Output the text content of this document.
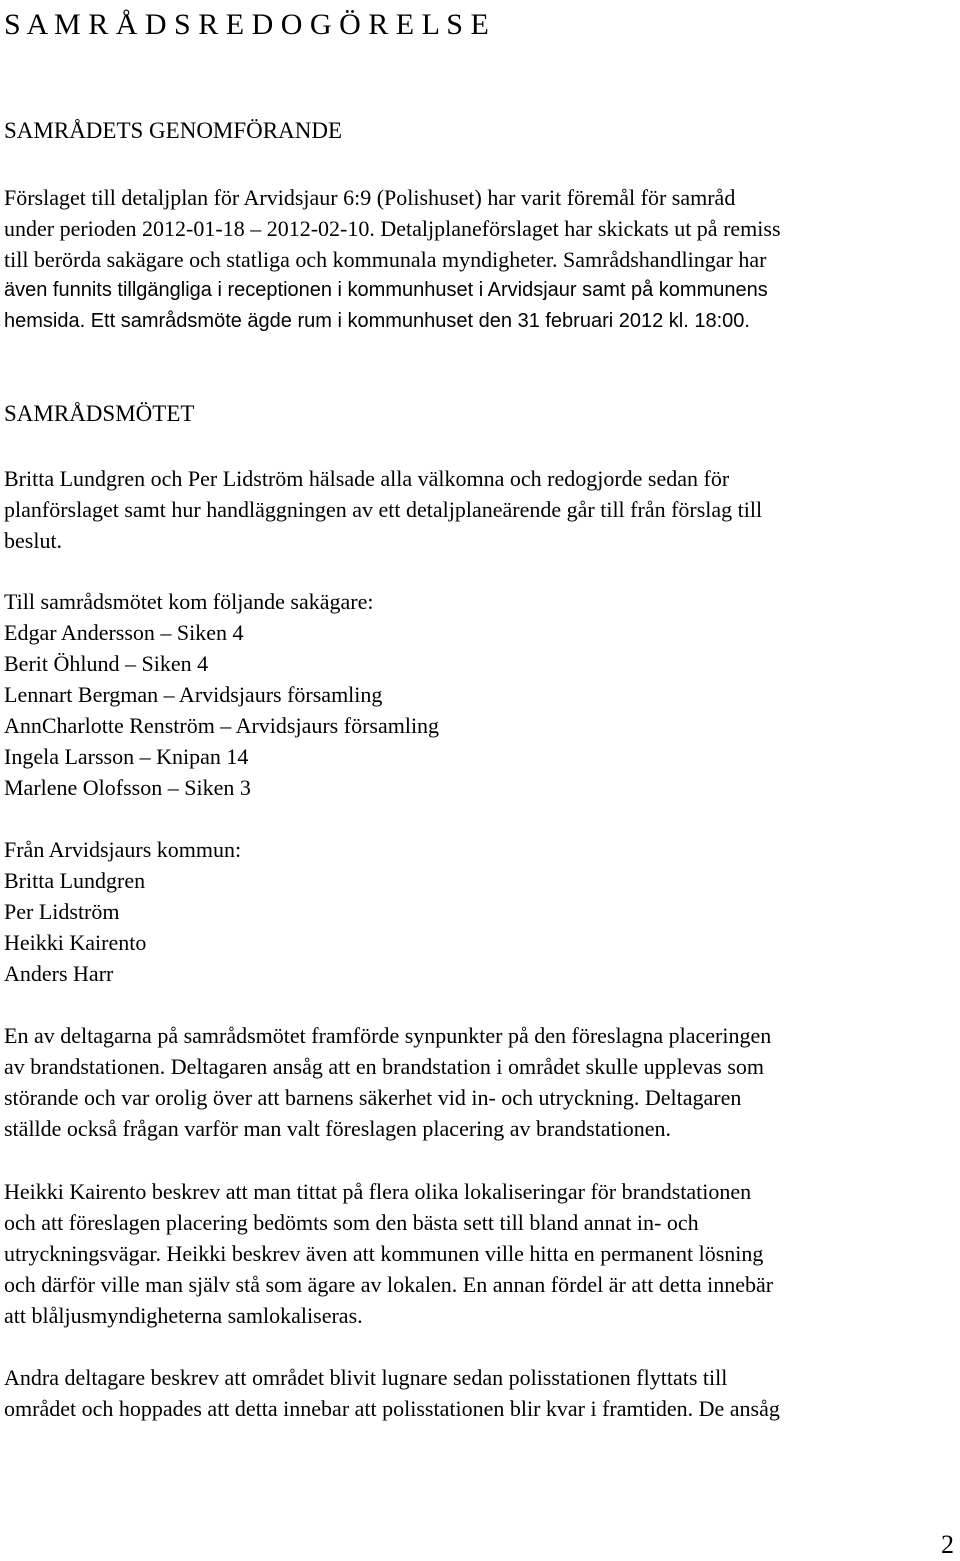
S A M R Å D S R E D O G Ö R E L S E
SAMRÅDETS GENOMFÖRANDE
Förslaget till detaljplan för Arvidsjaur 6:9 (Polishuset) har varit föremål för samråd
under perioden 2012-01-18 – 2012-02-10. Detaljplaneförslaget har skickats ut på remiss
till berörda sakägare och statliga och kommunala myndigheter. Samrådshandlingar har
även funnits tillgängliga i receptionen i kommunhuset i Arvidsjaur samt på kommunens
hemsida. Ett samrådsmöte ägde rum i kommunhuset den 31 februari 2012 kl. 18:00.
SAMRÅDSMÖTET
Britta Lundgren och Per Lidström hälsade alla välkomna och redogjorde sedan för
planförslaget samt hur handläggningen av ett detaljplaneärende går till från förslag till
beslut.
Till samrådsmötet kom följande sakägare:
Edgar Andersson – Siken 4
Berit Öhlund – Siken 4
Lennart Bergman – Arvidsjaurs församling
AnnCharlotte Renström – Arvidsjaurs församling
Ingela Larsson – Knipan 14
Marlene Olofsson – Siken 3
Från Arvidsjaurs kommun:
Britta Lundgren
Per Lidström
Heikki Kairento
Anders Harr
En av deltagarna på samrådsmötet framförde synpunkter på den föreslagna placeringen
av brandstationen. Deltagaren ansåg att en brandstation i området skulle upplevas som
störande och var orolig över att barnens säkerhet vid in- och utryckning. Deltagaren
ställde också frågan varför man valt föreslagen placering av brandstationen.
Heikki Kairento beskrev att man tittat på flera olika lokaliseringar för brandstationen
och att föreslagen placering bedömts som den bästa sett till bland annat in- och
utryckningsvägar. Heikki beskrev även att kommunen ville hitta en permanent lösning
och därför ville man själv stå som ägare av lokalen. En annan fördel är att detta innebär
att blåljusmyndigheterna samlokaliseras.
Andra deltagare beskrev att området blivit lugnare sedan polisstationen flyttats till
området och hoppades att detta innebar att polisstationen blir kvar i framtiden. De ansåg
2
